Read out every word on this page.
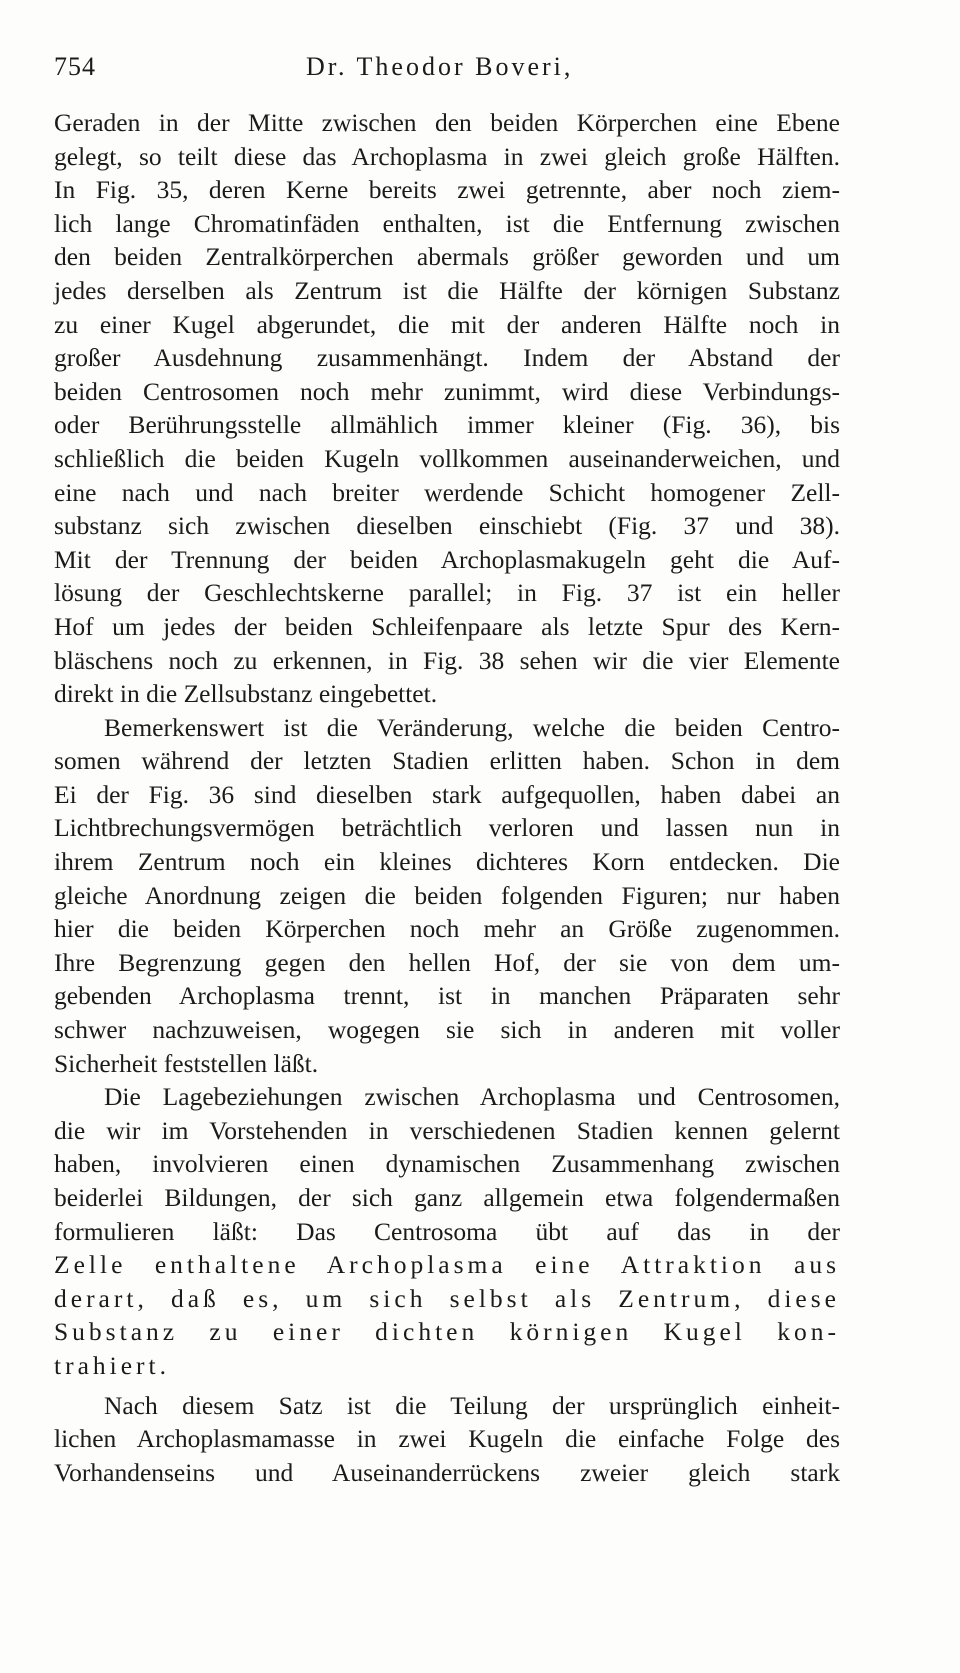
754	Dr. Theodor Boveri,
Geraden in der Mitte zwischen den beiden Körperchen eine Ebene
gelegt, so teilt diese das Archoplasma in zwei gleich große Hälften.
In Fig. 35, deren Kerne bereits zwei getrennte, aber noch ziem-
lich lange Chromatinfäden enthalten, ist die Entfernung zwischen
den beiden Zentralkörperchen abermals größer geworden und um
jedes derselben als Zentrum ist die Hälfte der körnigen Substanz
zu einer Kugel abgerundet, die mit der anderen Hälfte noch in
großer Ausdehnung zusammenhängt. Indem der Abstand der
beiden Centrosomen noch mehr zunimmt, wird diese Verbindungs-
oder Berührungsstelle allmählich immer kleiner (Fig. 36), bis
schließlich die beiden Kugeln vollkommen auseinanderweichen, und
eine nach und nach breiter werdende Schicht homogener Zell-
substanz sich zwischen dieselben einschiebt (Fig. 37 und 38).
Mit der Trennung der beiden Archoplasmakugeln geht die Auf-
lösung der Geschlechtskerne parallel; in Fig. 37 ist ein heller
Hof um jedes der beiden Schleifenpaare als letzte Spur des Kern-
bläschens noch zu erkennen, in Fig. 38 sehen wir die vier Elemente
direkt in die Zellsubstanz eingebettet.
Bemerkenswert ist die Veränderung, welche die beiden Centro-
somen während der letzten Stadien erlitten haben. Schon in dem
Ei der Fig. 36 sind dieselben stark aufgequollen, haben dabei an
Lichtbrechungsvermögen beträchtlich verloren und lassen nun in
ihrem Zentrum noch ein kleines dichteres Korn entdecken. Die
gleiche Anordnung zeigen die beiden folgenden Figuren; nur haben
hier die beiden Körperchen noch mehr an Größe zugenommen.
Ihre Begrenzung gegen den hellen Hof, der sie von dem um-
gebenden Archoplasma trennt, ist in manchen Präparaten sehr
schwer nachzuweisen, wogegen sie sich in anderen mit voller
Sicherheit feststellen läßt.
Die Lagebeziehungen zwischen Archoplasma und Centrosomen,
die wir im Vorstehenden in verschiedenen Stadien kennen gelernt
haben, involvieren einen dynamischen Zusammenhang zwischen
beiderlei Bildungen, der sich ganz allgemein etwa folgendermaßen
formulieren läßt: Das Centrosoma übt auf das in der
Zelle enthaltene Archoplasma eine Attraktion aus
derart, daß es, um sich selbst als Zentrum, diese
Substanz zu einer dichten körnigen Kugel kon-
trahiert.
Nach diesem Satz ist die Teilung der ursprünglich einheit-
lichen Archoplasmamasse in zwei Kugeln die einfache Folge des
Vorhandenseins und Auseinanderrückens zweier gleich stark
